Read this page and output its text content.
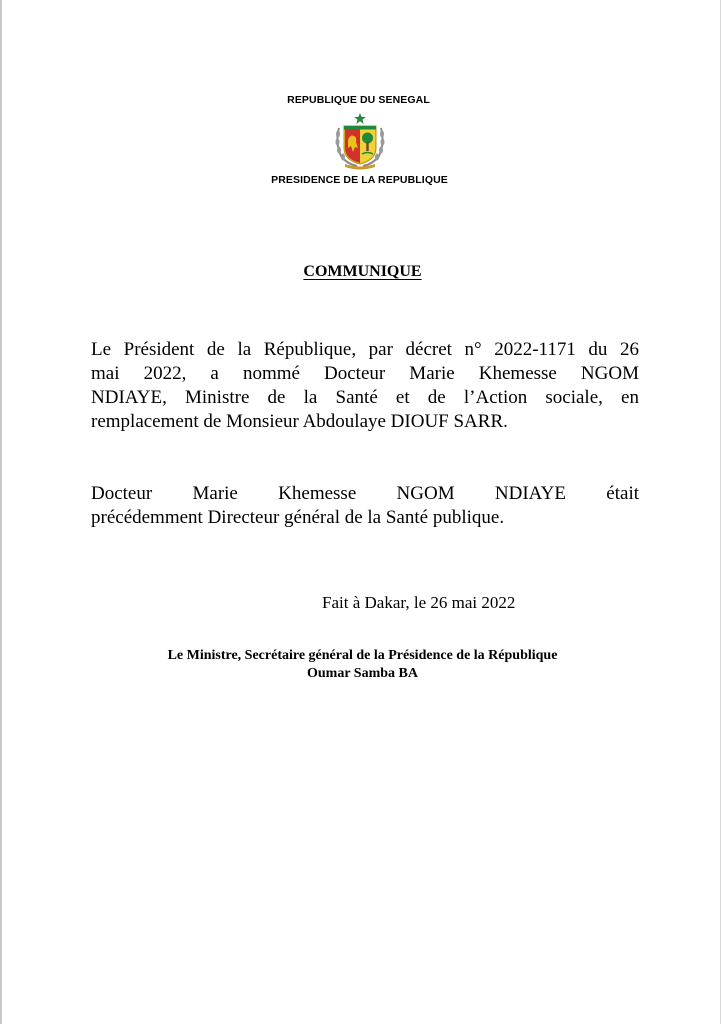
REPUBLIQUE DU SENEGAL
PRESIDENCE DE LA REPUBLIQUE
COMMUNIQUE
Le Président de la République, par décret n° 2022-1171 du 26
mai 2022, a nommé Docteur Marie Khemesse NGOM
NDIAYE, Ministre de la Santé et de l’Action sociale, en
remplacement de Monsieur Abdoulaye DIOUF SARR.
Docteur Marie Khemesse NGOM NDIAYE était
précédemment Directeur général de la Santé publique.
Fait à Dakar, le 26 mai 2022
Le Ministre, Secrétaire général de la Présidence de la République
Oumar Samba BA
